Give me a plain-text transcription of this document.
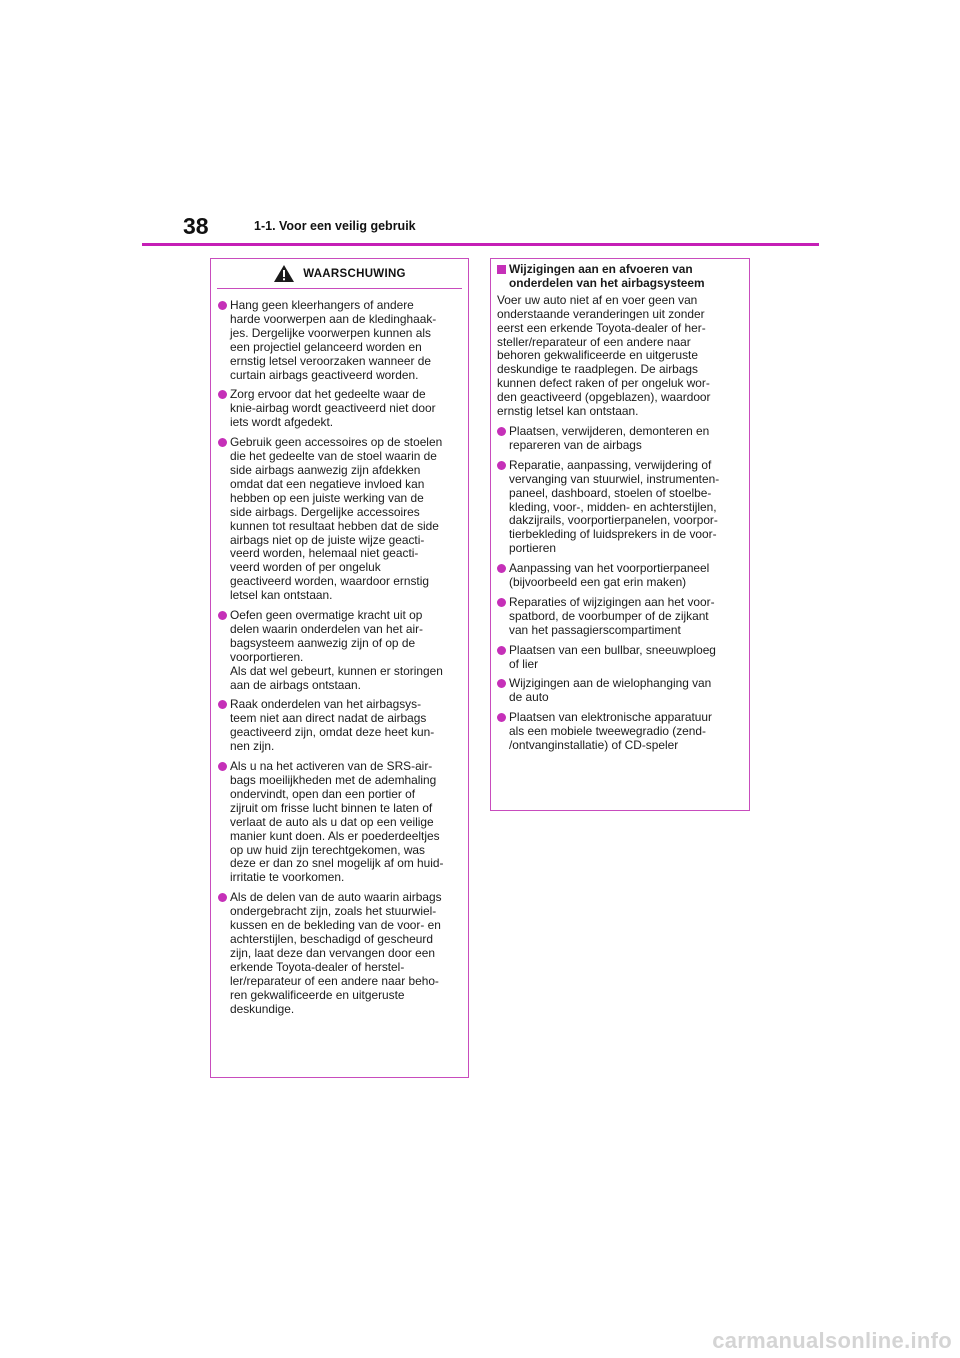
38	1-1. Voor een veilig gebruik
WAARSCHUWING
Hang geen kleerhangers of andere
harde voorwerpen aan de kledinghaak-
jes. Dergelijke voorwerpen kunnen als
een projectiel gelanceerd worden en
ernstig letsel veroorzaken wanneer de
curtain airbags geactiveerd worden.
Zorg ervoor dat het gedeelte waar de
knie-airbag wordt geactiveerd niet door
iets wordt afgedekt.
Gebruik geen accessoires op de stoelen
die het gedeelte van de stoel waarin de
side airbags aanwezig zijn afdekken
omdat dat een negatieve invloed kan
hebben op een juiste werking van de
side airbags. Dergelijke accessoires
kunnen tot resultaat hebben dat de side
airbags niet op de juiste wijze geacti-
veerd worden, helemaal niet geacti-
veerd worden of per ongeluk
geactiveerd worden, waardoor ernstig
letsel kan ontstaan.
Oefen geen overmatige kracht uit op
delen waarin onderdelen van het air-
bagsysteem aanwezig zijn of op de
voorportieren.
Als dat wel gebeurt, kunnen er storingen
aan de airbags ontstaan.
Raak onderdelen van het airbagsys-
teem niet aan direct nadat de airbags
geactiveerd zijn, omdat deze heet kun-
nen zijn.
Als u na het activeren van de SRS-air-
bags moeilijkheden met de ademhaling
ondervindt, open dan een portier of
zijruit om frisse lucht binnen te laten of
verlaat de auto als u dat op een veilige
manier kunt doen. Als er poederdeeltjes
op uw huid zijn terechtgekomen, was
deze er dan zo snel mogelijk af om huid-
irritatie te voorkomen.
Als de delen van de auto waarin airbags
ondergebracht zijn, zoals het stuurwiel-
kussen en de bekleding van de voor- en
achterstijlen, beschadigd of gescheurd
zijn, laat deze dan vervangen door een
erkende Toyota-dealer of herstel-
ler/reparateur of een andere naar beho-
ren gekwalificeerde en uitgeruste
deskundige.
Wijzigingen aan en afvoeren van
onderdelen van het airbagsysteem
Voer uw auto niet af en voer geen van
onderstaande veranderingen uit zonder
eerst een erkende Toyota-dealer of her-
steller/reparateur of een andere naar
behoren gekwalificeerde en uitgeruste
deskundige te raadplegen. De airbags
kunnen defect raken of per ongeluk wor-
den geactiveerd (opgeblazen), waardoor
ernstig letsel kan ontstaan.
Plaatsen, verwijderen, demonteren en
repareren van de airbags
Reparatie, aanpassing, verwijdering of
vervanging van stuurwiel, instrumenten-
paneel, dashboard, stoelen of stoelbe-
kleding, voor-, midden- en achterstijlen,
dakzijrails, voorportierpanelen, voorpor-
tierbekleding of luidsprekers in de voor-
portieren
Aanpassing van het voorportierpaneel
(bijvoorbeeld een gat erin maken)
Reparaties of wijzigingen aan het voor-
spatbord, de voorbumper of de zijkant
van het passagierscompartiment
Plaatsen van een bullbar, sneeuwploeg
of lier
Wijzigingen aan de wielophanging van
de auto
Plaatsen van elektronische apparatuur
als een mobiele tweewegradio (zend-
/ontvanginstallatie) of CD-speler
carmanualsonline.info
